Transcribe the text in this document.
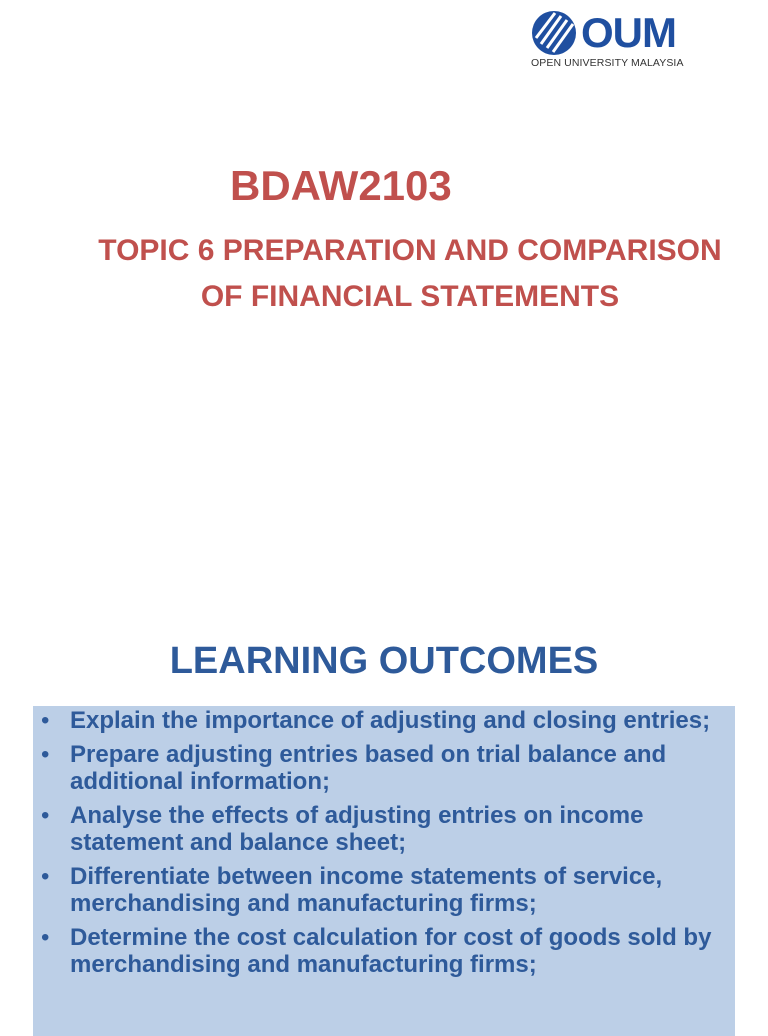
OUM
OPEN UNIVERSITY MALAYSIA
BDAW2103
TOPIC 6 PREPARATION AND COMPARISON
OF FINANCIAL STATEMENTS
LEARNING OUTCOMES
• Explain the importance of adjusting and closing entries;
• Prepare adjusting entries based on trial balance and additional information;
• Analyse the effects of adjusting entries on income statement and balance sheet;
• Differentiate between income statements of service, merchandising and manufacturing firms;
• Determine the cost calculation for cost of goods sold by merchandising and manufacturing firms;
